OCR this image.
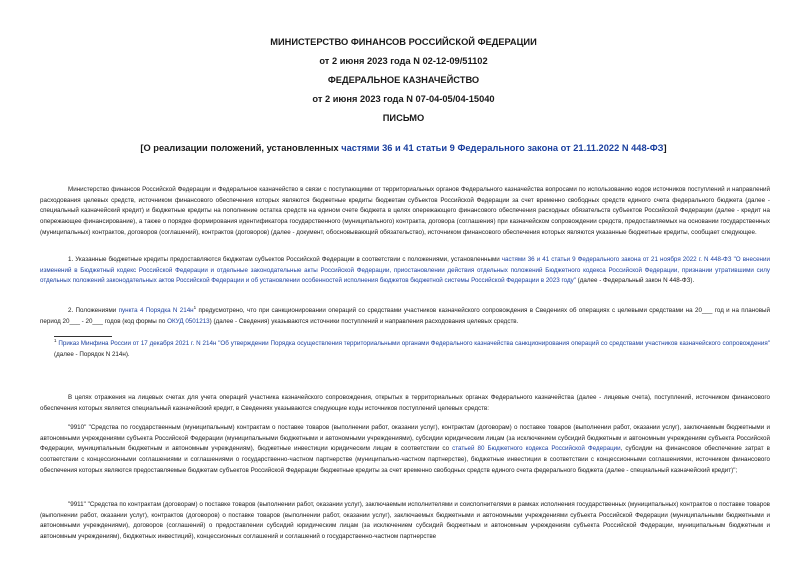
МИНИСТЕРСТВО ФИНАНСОВ РОССИЙСКОЙ ФЕДЕРАЦИИ
от 2 июня 2023 года N 02-12-09/51102
ФЕДЕРАЛЬНОЕ КАЗНАЧЕЙСТВО
от 2 июня 2023 года N 07-04-05/04-15040
ПИСЬМО
[О реализации положений, установленных частями 36 и 41 статьи 9 Федерального закона от 21.11.2022 N 448-ФЗ]

Министерство финансов Российской Федерации и Федеральное казначейство в связи с поступающими от территориальных органов Федерального казначейства вопросами по использованию кодов источников поступлений и направлений расходования целевых средств, источником финансового обеспечения которых являются бюджетные кредиты бюджетам субъектов Российской Федерации за счет временно свободных средств единого счета федерального бюджета (далее - специальный казначейский кредит) и бюджетные кредиты на пополнение остатка средств на едином счете бюджета в целях опережающего финансового обеспечения расходных обязательств субъектов Российской Федерации (далее - кредит на опережающее финансирование), а также о порядке формирования идентификатора государственного (муниципального) контракта, договора (соглашения) при казначейском сопровождении средств, предоставляемых на основании государственных (муниципальных) контрактов, договоров (соглашений), контрактов (договоров) (далее - документ, обосновывающий обязательство), источником финансового обеспечения которых являются указанные бюджетные кредиты, сообщает следующее.

1. Указанные бюджетные кредиты предоставляются бюджетам субъектов Российской Федерации в соответствии с положениями, установленными частями 36 и 41 статьи 9 Федерального закона от 21 ноября 2022 г. N 448-ФЗ "О внесении изменений в Бюджетный кодекс Российской Федерации и отдельные законодательные акты Российской Федерации, приостановлении действия отдельных положений Бюджетного кодекса Российской Федерации, признании утратившими силу отдельных положений законодательных актов Российской Федерации и об установлении особенностей исполнения бюджетов бюджетной системы Российской Федерации в 2023 году" (далее - Федеральный закон N 448-ФЗ).

2. Положениями пункта 4 Порядка N $214н^1$ предусмотрено, что при санкционировании операций со средствами участников казначейского сопровождения в Сведениях об операциях с целевыми средствами на 20___ год и на плановый период 20___ - 20___ годов (код формы по ОКУД 0501213) (далее - Сведения) указываются источники поступлений и направления расходования целевых средств.

$^1$ Приказ Минфина России от 17 декабря 2021 г. N 214н "Об утверждении Порядка осуществления территориальными органами Федерального казначейства санкционирования операций со средствами участников казначейского сопровождения" (далее - Порядок N 214н).

В целях отражения на лицевых счетах для учета операций участника казначейского сопровождения, открытых в территориальных органах Федерального казначейства (далее - лицевые счета), поступлений, источником финансового обеспечения которых является специальный казначейский кредит, в Сведениях указываются следующие коды источников поступлений целевых средств:

"9910" "Средства по государственным (муниципальным) контрактам о поставке товаров (выполнении работ, оказании услуг), контрактам (договорам) о поставке товаров (выполнении работ, оказании услуг), заключаемым бюджетными и автономными учреждениями субъекта Российской Федерации (муниципальными бюджетными и автономными учреждениями), субсидии юридическим лицам (за исключением субсидий бюджетным и автономным учреждениям субъекта Российской Федерации, муниципальным бюджетным и автономным учреждениям), бюджетные инвестиции юридическим лицам в соответствии со статьей 80 Бюджетного кодекса Российской Федерации, субсидии на финансовое обеспечение затрат в соответствии с концессионными соглашениями и соглашениями о государственно-частном партнерстве (муниципально-частном партнерстве), бюджетные инвестиции в соответствии с концессионными соглашениями, источником финансового обеспечения которых являются предоставляемые бюджетам субъектов Российской Федерации бюджетные кредиты за счет временно свободных средств единого счета федерального бюджета (далее - специальный казначейский кредит)";

"9911" "Средства по контрактам (договорам) о поставке товаров (выполнении работ, оказании услуг), заключаемым исполнителями и соисполнителями в рамках исполнения государственных (муниципальных) контрактов о поставке товаров (выполнении работ, оказании услуг), контрактов (договоров) о поставке товаров (выполнении работ, оказании услуг), заключаемых бюджетными и автономными учреждениями субъекта Российской Федерации (муниципальными бюджетными и автономными учреждениями), договоров (соглашений) о предоставлении субсидий юридическим лицам (за исключением субсидий бюджетным и автономным учреждениям субъекта Российской Федерации, муниципальным бюджетным и автономным учреждениям), бюджетных инвестиций), концессионных соглашений и соглашений о государственно-частном партнерстве
